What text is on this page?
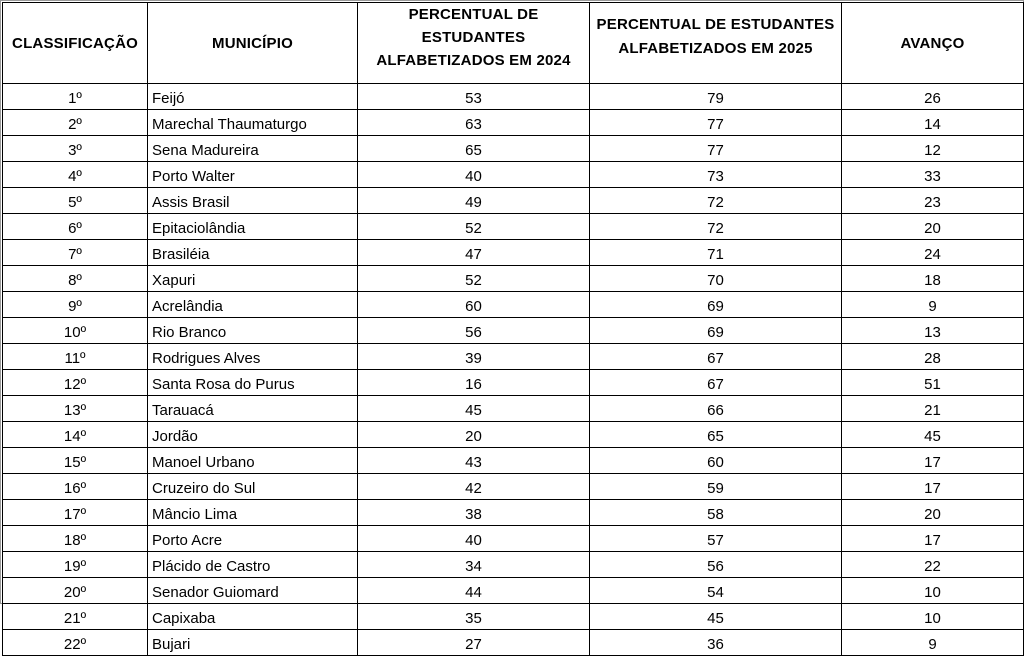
CLASSIFICAÇÃO	MUNICÍPIO	PERCENTUAL DE ESTUDANTES ALFABETIZADOS EM 2024	PERCENTUAL DE ESTUDANTES ALFABETIZADOS EM 2025	AVANÇO
1º	Feijó	53	79	26
2º	Marechal Thaumaturgo	63	77	14
3º	Sena Madureira	65	77	12
4º	Porto Walter	40	73	33
5º	Assis Brasil	49	72	23
6º	Epitaciolândia	52	72	20
7º	Brasiléia	47	71	24
8º	Xapuri	52	70	18
9º	Acrelândia	60	69	9
10º	Rio Branco	56	69	13
11º	Rodrigues Alves	39	67	28
12º	Santa Rosa do Purus	16	67	51
13º	Tarauacá	45	66	21
14º	Jordão	20	65	45
15º	Manoel Urbano	43	60	17
16º	Cruzeiro do Sul	42	59	17
17º	Mâncio Lima	38	58	20
18º	Porto Acre	40	57	17
19º	Plácido de Castro	34	56	22
20º	Senador Guiomard	44	54	10
21º	Capixaba	35	45	10
22º	Bujari	27	36	9
